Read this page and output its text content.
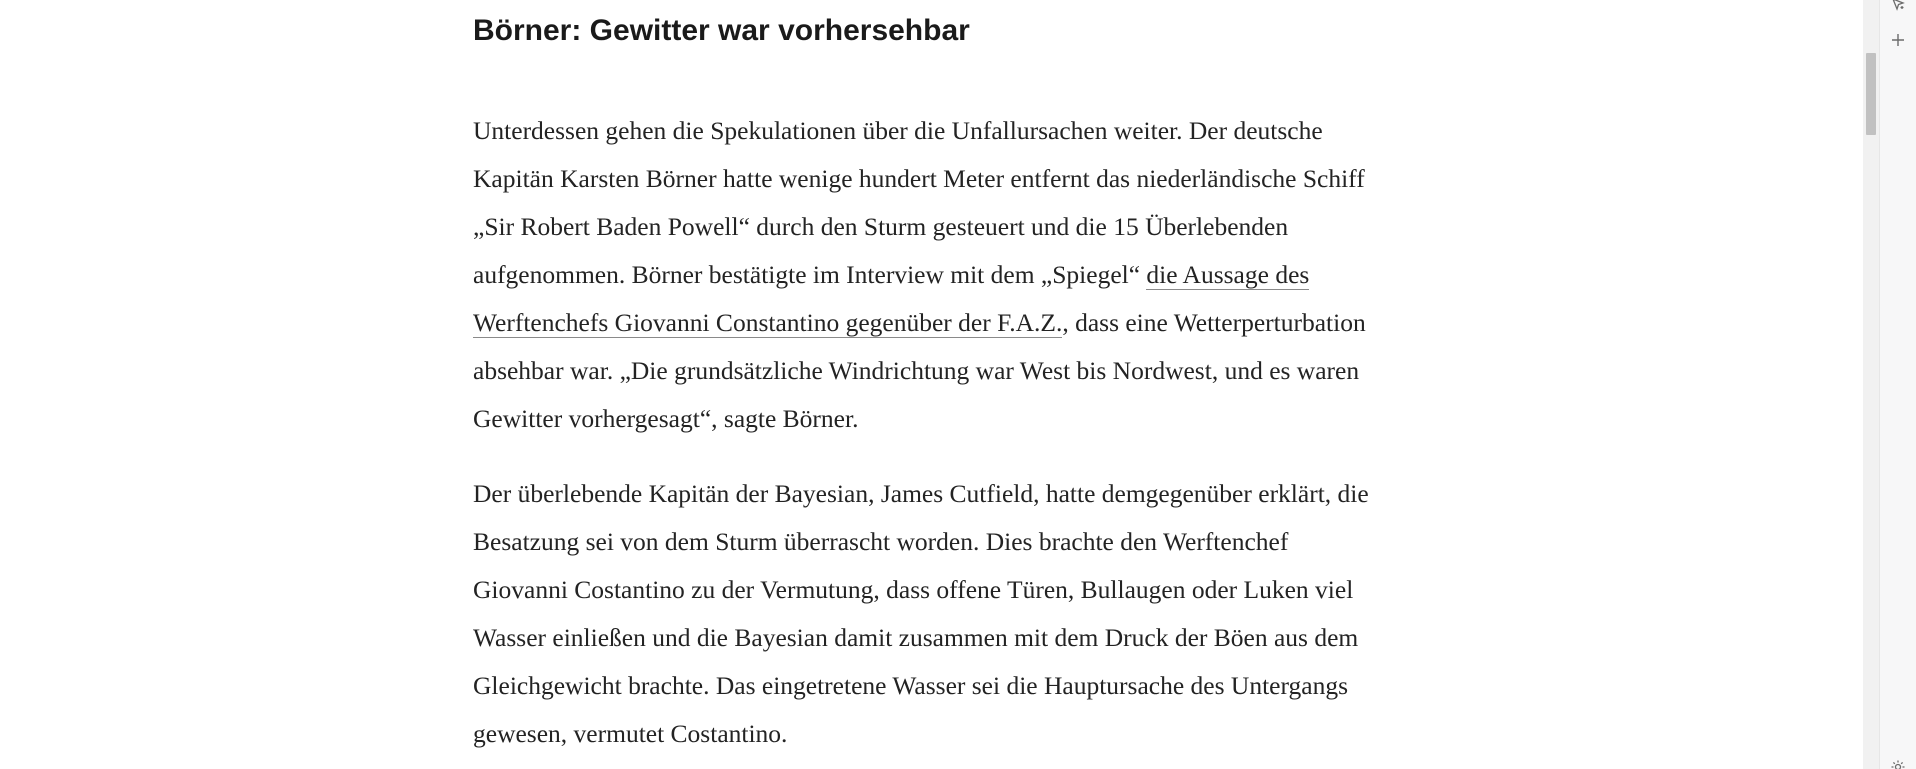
Börner: Gewitter war vorhersehbar

Unterdessen gehen die Spekulationen über die Unfallursachen weiter. Der deutsche Kapitän Karsten Börner hatte wenige hundert Meter entfernt das niederländische Schiff „Sir Robert Baden Powell“ durch den Sturm gesteuert und die 15 Überlebenden aufgenommen. Börner bestätigte im Interview mit dem „Spiegel“ die Aussage des Werftenchefs Giovanni Constantino gegenüber der F.A.Z., dass eine Wetterperturbation absehbar war. „Die grundsätzliche Windrichtung war West bis Nordwest, und es waren Gewitter vorhergesagt“, sagte Börner.

Der überlebende Kapitän der Bayesian, James Cutfield, hatte demgegenüber erklärt, die Besatzung sei von dem Sturm überrascht worden. Dies brachte den Werftenchef Giovanni Costantino zu der Vermutung, dass offene Türen, Bullaugen oder Luken viel Wasser einließen und die Bayesian damit zusammen mit dem Druck der Böen aus dem Gleichgewicht brachte. Das eingetretene Wasser sei die Hauptursache des Untergangs gewesen, vermutet Costantino.
